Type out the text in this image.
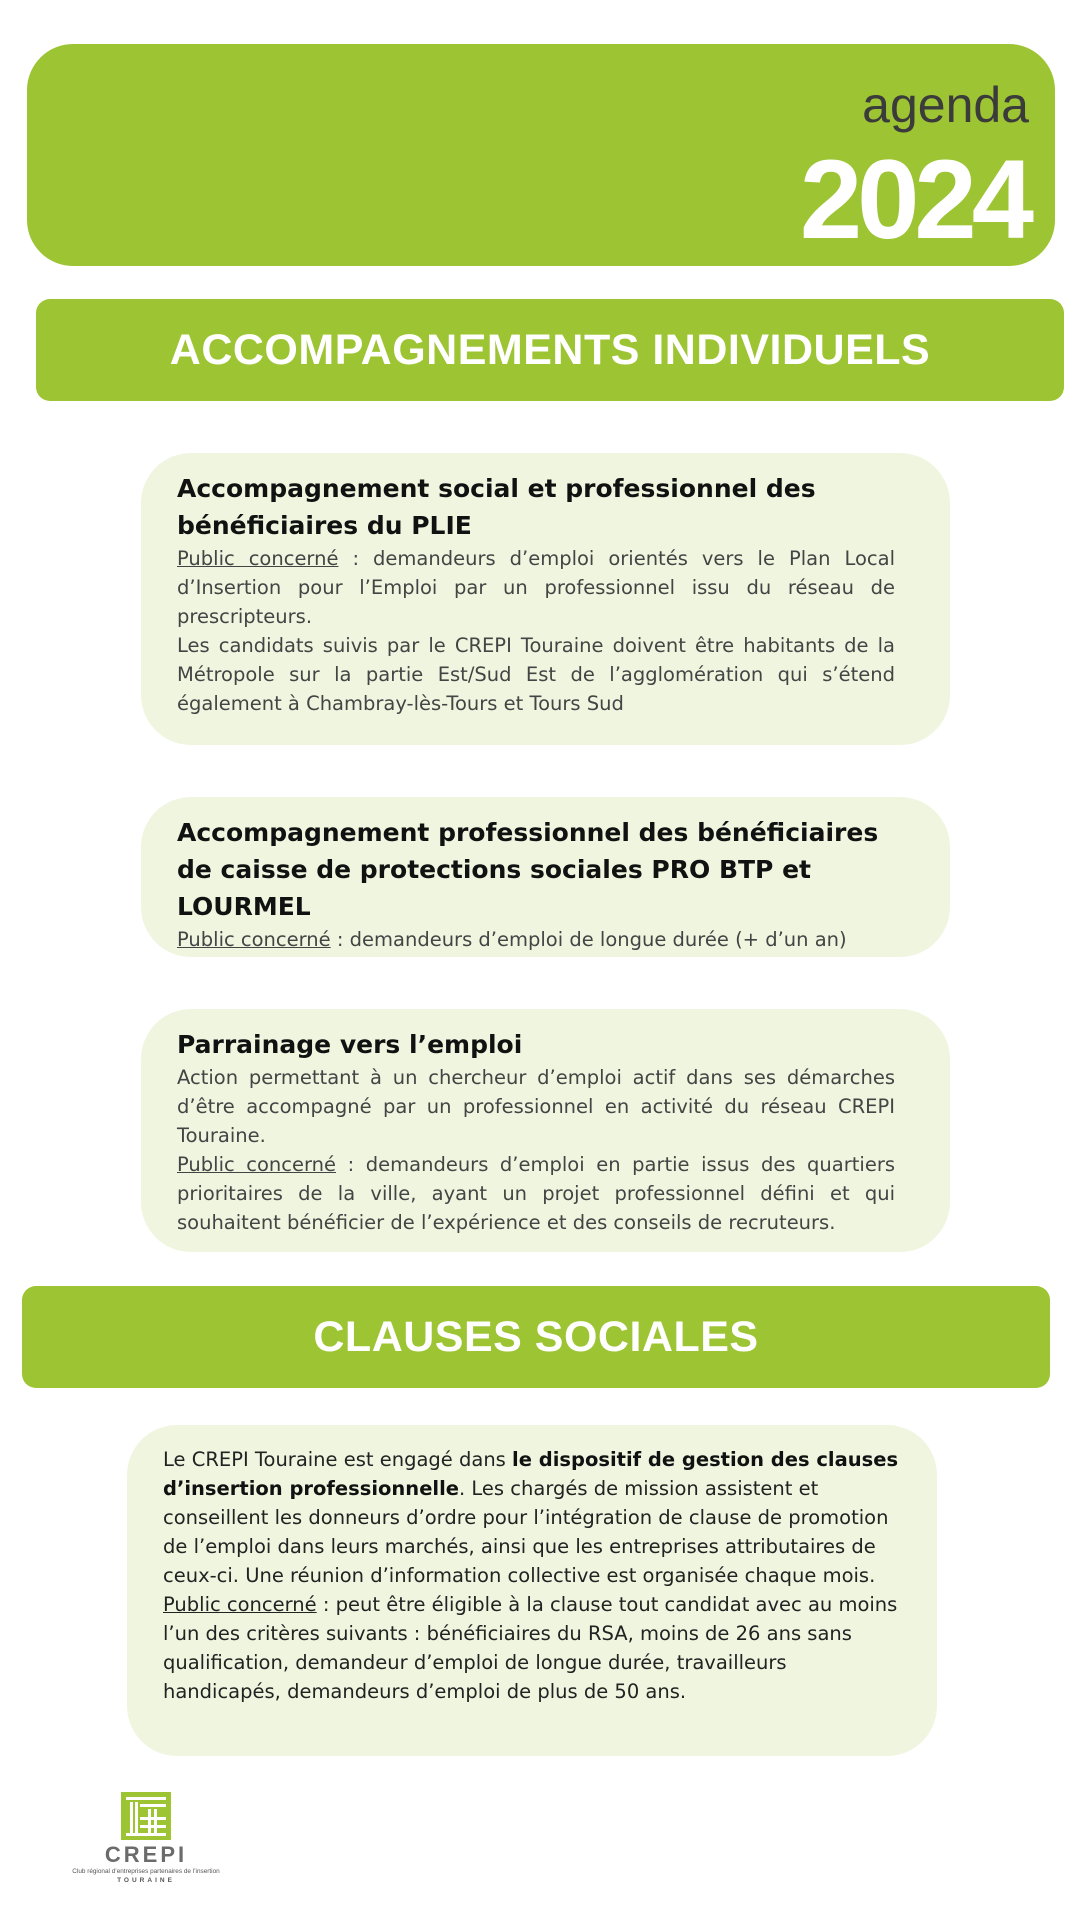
agenda
2024
ACCOMPAGNEMENTS INDIVIDUELS
Accompagnement social et professionnel des bénéficiaires du PLIE

Public concerné : demandeurs d’emploi orientés vers le Plan Local d’Insertion pour l’Emploi par un professionnel issu du réseau de prescripteurs.

Les candidats suivis par le CREPI Touraine doivent être habitants de la Métropole sur la partie Est/Sud Est de l’agglomération qui s’étend également à Chambray-lès-Tours et Tours Sud

Accompagnement professionnel des bénéficiaires de caisse de protections sociales PRO BTP et LOURMEL

Public concerné : demandeurs d’emploi de longue durée (+ d’un an)

Parrainage vers l’emploi

Action permettant à un chercheur d’emploi actif dans ses démarches d’être accompagné par un professionnel en activité du réseau CREPI Touraine.

Public concerné : demandeurs d’emploi en partie issus des quartiers prioritaires de la ville, ayant un projet professionnel défini et qui souhaitent bénéficier de l’expérience et des conseils de recruteurs.

CLAUSES SOCIALES

Le CREPI Touraine est engagé dans le dispositif de gestion des clauses d’insertion professionnelle. Les chargés de mission assistent et conseillent les donneurs d’ordre pour l’intégration de clause de promotion de l’emploi dans leurs marchés, ainsi que les entreprises attributaires de ceux-ci. Une réunion d’information collective est organisée chaque mois.

Public concerné : peut être éligible à la clause tout candidat avec au moins l’un des critères suivants : bénéficiaires du RSA, moins de 26 ans sans qualification, demandeur d’emploi de longue durée, travailleurs handicapés, demandeurs d’emploi de plus de 50 ans.

CREPI
Club régional d’entreprises partenaires de l’insertion
TOURAINE
